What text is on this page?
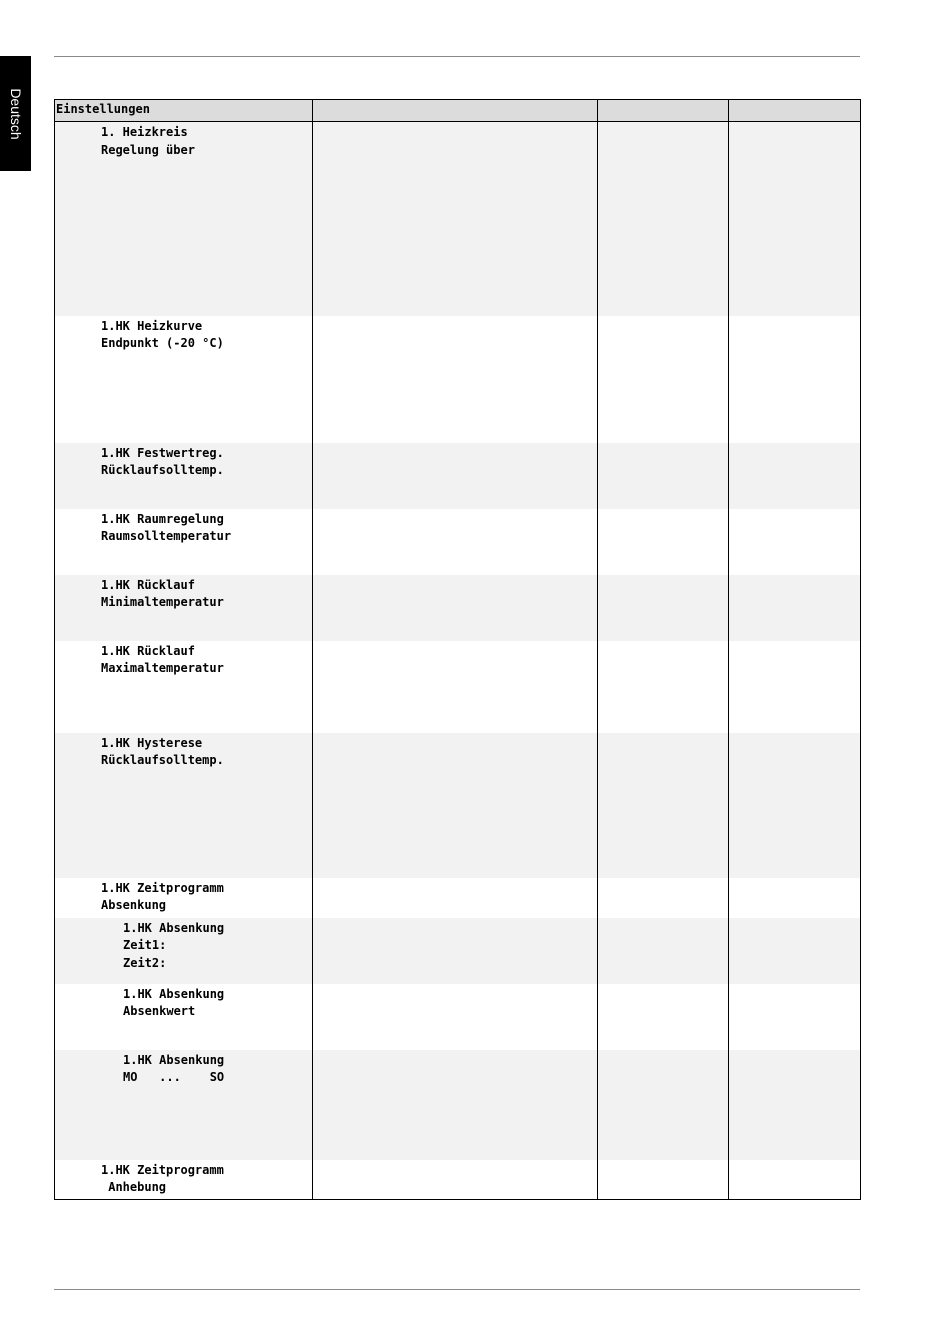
Deutsch	Einstellungen			

1. Heizkreis
Regelung über			

1.HK Heizkurve
Endpunkt (-20 °C)			

1.HK Festwertreg.
Rücklaufsolltemp.			

1.HK Raumregelung
Raumsolltemperatur			

1.HK Rücklauf
Minimaltemperatur			

1.HK Rücklauf
Maximaltemperatur			

1.HK Hysterese
Rücklaufsolltemp.			

1.HK Zeitprogramm
Absenkung			

1.HK Absenkung
Zeit1:
Zeit2:			

1.HK Absenkung
Absenkwert			

1.HK Absenkung
MO   ...    SO			

1.HK Zeitprogramm
Anhebung			
